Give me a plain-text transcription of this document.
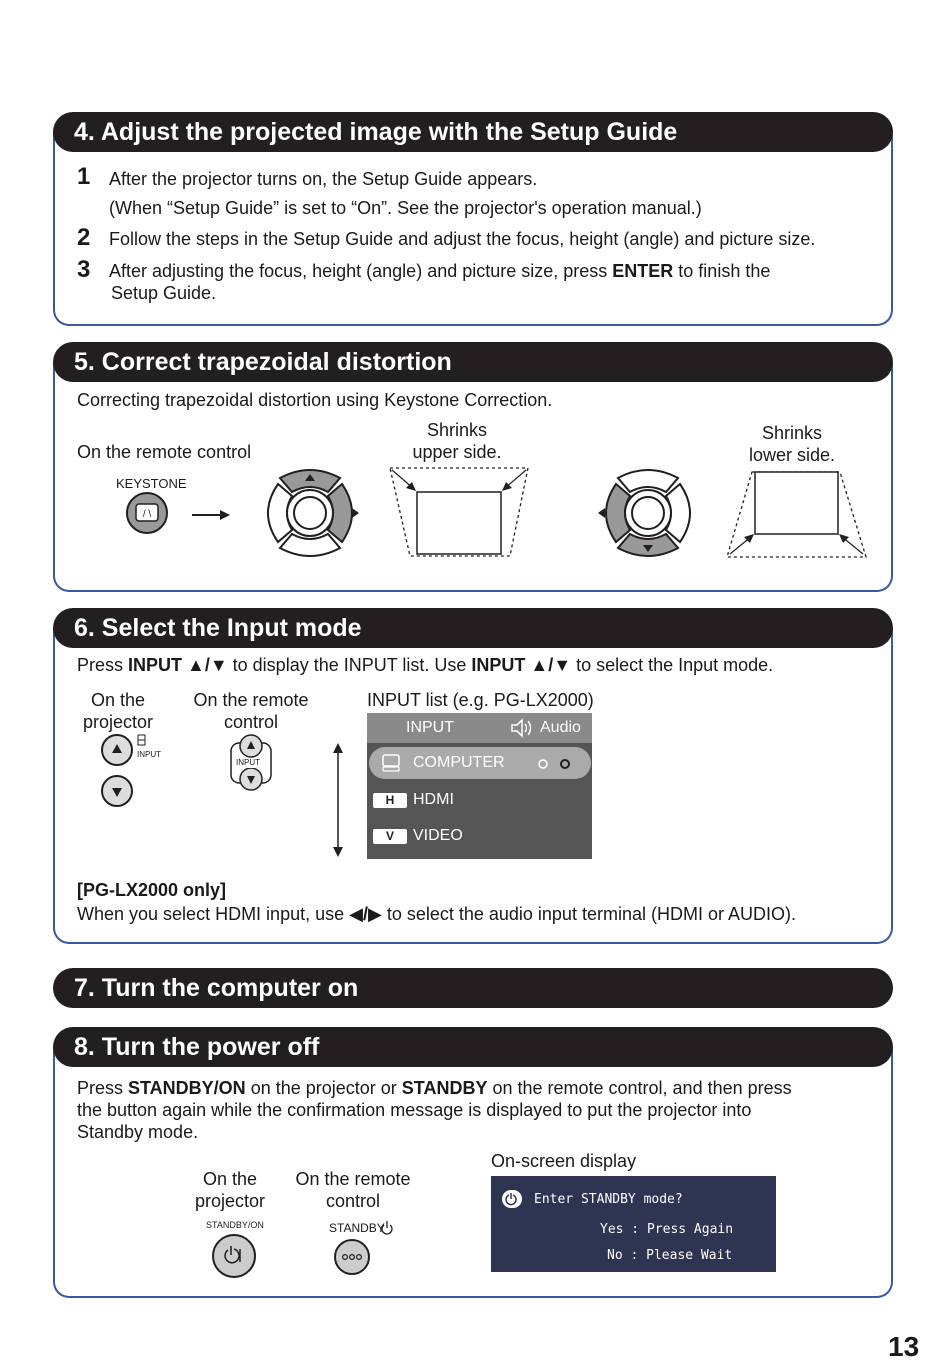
4. Adjust the projected image with the Setup Guide
1 After the projector turns on, the Setup Guide appears.
(When “Setup Guide” is set to “On”. See the projector's operation manual.)
2 Follow the steps in the Setup Guide and adjust the focus, height (angle) and picture size.
3 After adjusting the focus, height (angle) and picture size, press ENTER to finish the
Setup Guide.
5. Correct trapezoidal distortion
Correcting trapezoidal distortion using Keystone Correction.
On the remote control
KEYSTONE
Shrinks
upper side.
Shrinks
lower side.
/ \
6. Select the Input mode
Press INPUT ▲/▼ to display the INPUT list. Use INPUT ▲/▼ to select the Input mode.
On the
projector
On the remote
control
INPUT list (e.g. PG-LX2000)
INPUT
INPUT
INPUT	Audio
COMPUTER
H	HDMI
V	VIDEO
[PG-LX2000 only]
When you select HDMI input, use ◀/▶ to select the audio input terminal (HDMI or AUDIO).
7. Turn the computer on
8. Turn the power off
Press STANDBY/ON on the projector or STANDBY on the remote control, and then press
the button again while the confirmation message is displayed to put the projector into
Standby mode.
On the
projector
On the remote
control
STANDBY/ON	STANDBY
On-screen display
Enter STANDBY mode?
Yes : Press Again
No : Please Wait
13
